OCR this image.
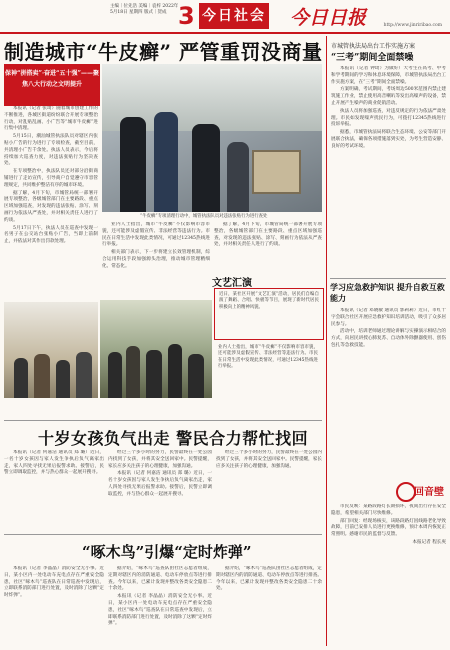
主编｜位先浩 美编｜袁梓 2022年5月18日 星期四 版式｜贺成 3 今日社会 今日日报	http://www.jinriribao.com
制造城市“牛皮癣” 严管重罚没商量
保神“拼搭卖”·奋进“五十强”——聚焦八大行动之文明提升

本报讯（记者 张琦）随着城市创建工作的不断推进，各城区街道纷纷联合开展专项整治行动，对乱贴乱画、小广告等“城市牛皮癣”进行集中清理。

5月15日，潮汕城管执法队员对辖区内张贴小广告的行为进行了专项检查，截至目前，共清理小广告千余处。执法人员表示，今后将持续加大巡查力度，对违法张贴行为坚决查处。

在专项整治中，执法队员还对部分沿街商铺进行了走访宣传，引导商户自觉遵守市容管理规定，共同维护整洁有序的城市环境。

据了解，4月下旬，市城管局统一部署开展专项整治，各级城管部门在主要路段、重点区域加强巡查，对发现的违法张贴、涂写、刻画行为依法从严查处，并对相关责任人进行了约谈。

5月17日下午，执法人员在巡查中发现一名男子在公交站台张贴小广告，当即上前制止，并依法对其作出罚款处理。

“牛皮癣”专项清理行动中，城管执法队员对违法张贴行为进行查处

业内人士指出，城市“牛皮癣”不仅影响市容市貌，还可能涉及虚假宣传、非法经营等违法行为。市民在日常生活中发现此类情况，可通过12345热线进行举报。

相关部门表示，下一步将建立长效管理机制，综合运用科技手段加强源头治理，推动城市管理精细化、常态化。

据了解，4月下旬，市城管局统一部署开展专项整治，各级城管部门在主要路段、重点区域加强巡查，对发现的违法张贴、涂写、刻画行为依法从严查处，并对相关责任人进行了约谈。

文艺汇演
近日，某社区开展“文艺汇演”活动，居民们自编自演了舞蹈、合唱、快板等节目，展现了新时代居民积极向上的精神风貌。
业内人士指出，城市“牛皮癣”不仅影响市容市貌，还可能涉及虚假宣传、非法经营等违法行为。市民在日常生活中发现此类情况，可通过12345热线进行举报。
十岁女孩负气出走 警民合力帮忙找回

本报讯（记者 何嘉洁 通讯员 郑 璐）近日，一名十岁女孩因与家人发生争执后负气离家出走，家人四处寻找无果后报警求助。接警后，民警立即调取监控，并与热心群众一起展开搜寻。

经过三个多小时的努力，民警最终在一处公园内找到了女孩，并将其安全送回家中。民警提醒，家长应多关注孩子的心理健康，加强沟通。

本报讯（记者 何嘉洁 通讯员 郑 璐）近日，一名十岁女孩因与家人发生争执后负气离家出走，家人四处寻找无果后报警求助。接警后，民警立即调取监控，并与热心群众一起展开搜寻。

经过三个多小时的努力，民警最终在一处公园内找到了女孩，并将其安全送回家中。民警提醒，家长应多关注孩子的心理健康，加强沟通。

“啄木鸟”引爆“定时炸弹”

本报讯（记者 李晶晶）消防安全无小事。近日，某小区内一处电动车充电点存在严重安全隐患，社区“啄木鸟”巡查队在日常巡查中发现后，立即联系消防部门进行处置，及时消除了这颗“定时炸弹”。

据介绍，“啄木鸟”巡查队由社区志愿者组成，定期对辖区内的消防通道、电动车停放点等进行排查。今年以来，已累计发现并整改各类安全隐患二十余处。

本报讯（记者 李晶晶）消防安全无小事。近日，某小区内一处电动车充电点存在严重安全隐患，社区“啄木鸟”巡查队在日常巡查中发现后，立即联系消防部门进行处置，及时消除了这颗“定时炸弹”。

据介绍，“啄木鸟”巡查队由社区志愿者组成，定期对辖区内的消防通道、电动车停放点等进行排查。今年以来，已累计发现并整改各类安全隐患二十余处。

市城管执法局出台工作实施方案
“三考”期间全面禁噪

本报讯（记者 钟琦）为做好广大考生在高考、中考和学考期间的学习和休息环境保障，市城管执法局出台工作实施方案，在“三考”期间全面禁噪。

方案明确，考试期间，考场周边500米范围内禁止建筑施工作业，禁止使用高音喇叭等发出高噪声的设备，禁止开展产生噪声的商业促销活动。

执法人员将加强巡查，对违反规定的行为依法严肃处理。市民如发现噪声扰民行为，可拨打12345热线进行投诉举报。

据悉，市城管执法局将联合生态环境、公安等部门开展联合执法，确保各项措施落到实处，为考生营造安静、良好的考试环境。

学习应急救护知识 提升自救互救能力

本报讯（记者 邓晓敏 通讯员 郭莉莉）近日，市红十字会联合社区开展应急救护知识培训活动，吸引了众多居民参与。

活动中，培训老师通过理论讲解与实操演示相结合的方式，向居民讲授心肺复苏、自动体外除颤器使用、创伤包扎等急救技能。

回音壁

市民反映：某路段路灯长期损坏，夜间出行存在安全隐患，希望相关部门尽快维修。

部门回复：经现场核实，该路段路灯因线路老化导致故障，目前已安排人员进行更换维修，预计本周内恢复正常照明。感谢市民的监督与反馈。

本报记者 程长庚
